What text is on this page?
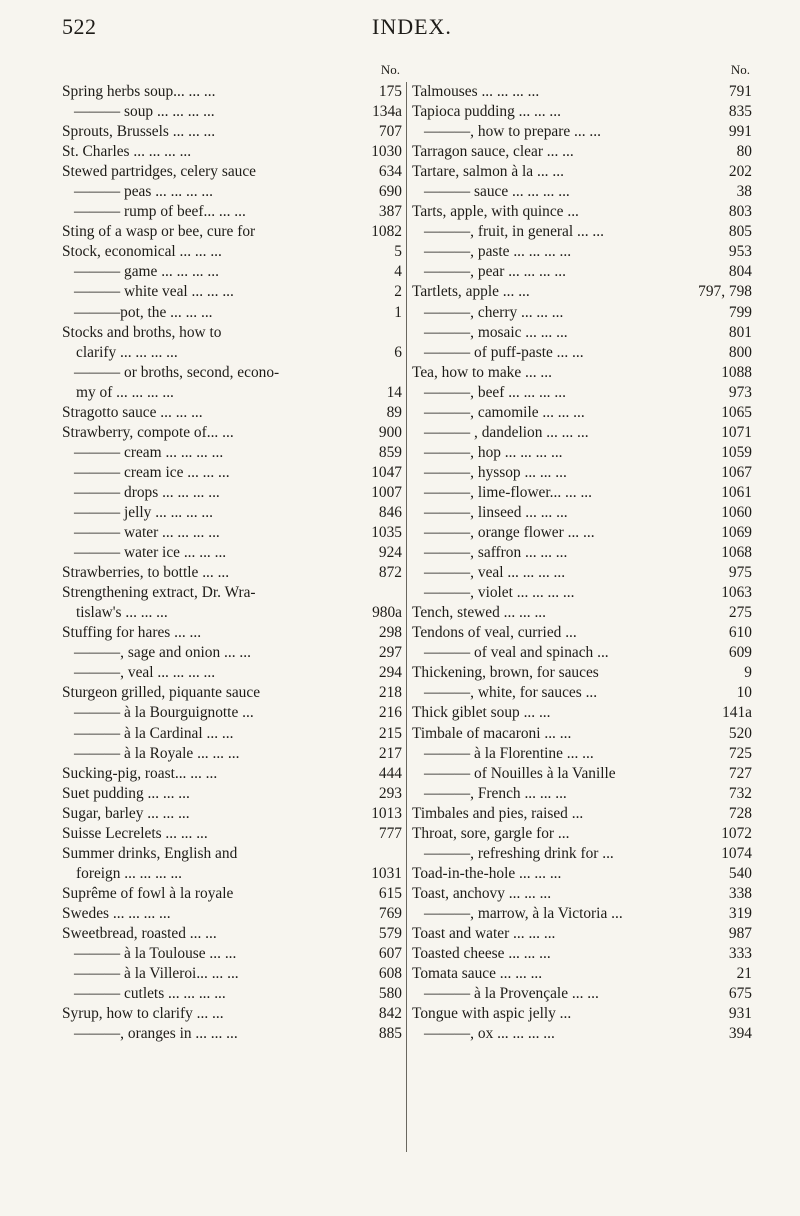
522	INDEX.
No.
Spring herbs soup... ... ...	175
——— soup ... ... ... ...	134a
Sprouts, Brussels ... ... ...	707
St. Charles ... ... ... ...	1030
Stewed partridges, celery sauce	634
——— peas ... ... ... ...	690
——— rump of beef... ... ...	387
Sting of a wasp or bee, cure for	1082
Stock, economical ... ... ...	5
——— game ... ... ... ...	4
——— white veal ... ... ...	2
———pot, the ... ... ...	1
Stocks and broths, how to
clarify ... ... ... ...	6
——— or broths, second, econo-
my of ... ... ... ...	14
Stragotto sauce ... ... ...	89
Strawberry, compote of... ...	900
——— cream ... ... ... ...	859
——— cream ice ... ... ...	1047
——— drops ... ... ... ...	1007
——— jelly ... ... ... ...	846
——— water ... ... ... ...	1035
——— water ice ... ... ...	924
Strawberries, to bottle ... ...	872
Strengthening extract, Dr. Wra-
tislaw's ... ... ...	980a
Stuffing for hares ... ...	298
———, sage and onion ... ...	297
———, veal ... ... ... ...	294
Sturgeon grilled, piquante sauce	218
——— à la Bourguignotte ...	216
——— à la Cardinal ... ...	215
——— à la Royale ... ... ...	217
Sucking-pig, roast... ... ...	444
Suet pudding ... ... ...	293
Sugar, barley ... ... ...	1013
Suisse Lecrelets ... ... ...	777
Summer drinks, English and
foreign ... ... ... ...	1031
Suprême of fowl à la royale	615
Swedes ... ... ... ...	769
Sweetbread, roasted ... ...	579
——— à la Toulouse ... ...	607
——— à la Villeroi... ... ...	608
——— cutlets ... ... ... ...	580
Syrup, how to clarify ... ...	842
———, oranges in ... ... ...	885
No.
Talmouses ... ... ... ...	791
Tapioca pudding ... ... ...	835
———, how to prepare ... ...	991
Tarragon sauce, clear ... ...	80
Tartare, salmon à la ... ...	202
——— sauce ... ... ... ...	38
Tarts, apple, with quince ...	803
———, fruit, in general ... ...	805
———, paste ... ... ... ...	953
———, pear ... ... ... ...	804
Tartlets, apple ... ...	797, 798
———, cherry ... ... ...	799
———, mosaic ... ... ...	801
——— of puff-paste ... ...	800
Tea, how to make ... ...	1088
———, beef ... ... ... ...	973
———, camomile ... ... ...	1065
——— , dandelion ... ... ...	1071
———, hop ... ... ... ...	1059
———, hyssop ... ... ...	1067
———, lime-flower... ... ...	1061
———, linseed ... ... ...	1060
———, orange flower ... ...	1069
———, saffron ... ... ...	1068
———, veal ... ... ... ...	975
———, violet ... ... ... ...	1063
Tench, stewed ... ... ...	275
Tendons of veal, curried ...	610
——— of veal and spinach ...	609
Thickening, brown, for sauces	9
———, white, for sauces ...	10
Thick giblet soup ... ...	141a
Timbale of macaroni ... ...	520
——— à la Florentine ... ...	725
——— of Nouilles à la Vanille	727
———, French ... ... ...	732
Timbales and pies, raised ...	728
Throat, sore, gargle for ...	1072
———, refreshing drink for ...	1074
Toad-in-the-hole ... ... ...	540
Toast, anchovy ... ... ...	338
———, marrow, à la Victoria ...	319
Toast and water ... ... ...	987
Toasted cheese ... ... ...	333
Tomata sauce ... ... ...	21
——— à la Provençale ... ...	675
Tongue with aspic jelly ...	931
———, ox ... ... ... ...	394
